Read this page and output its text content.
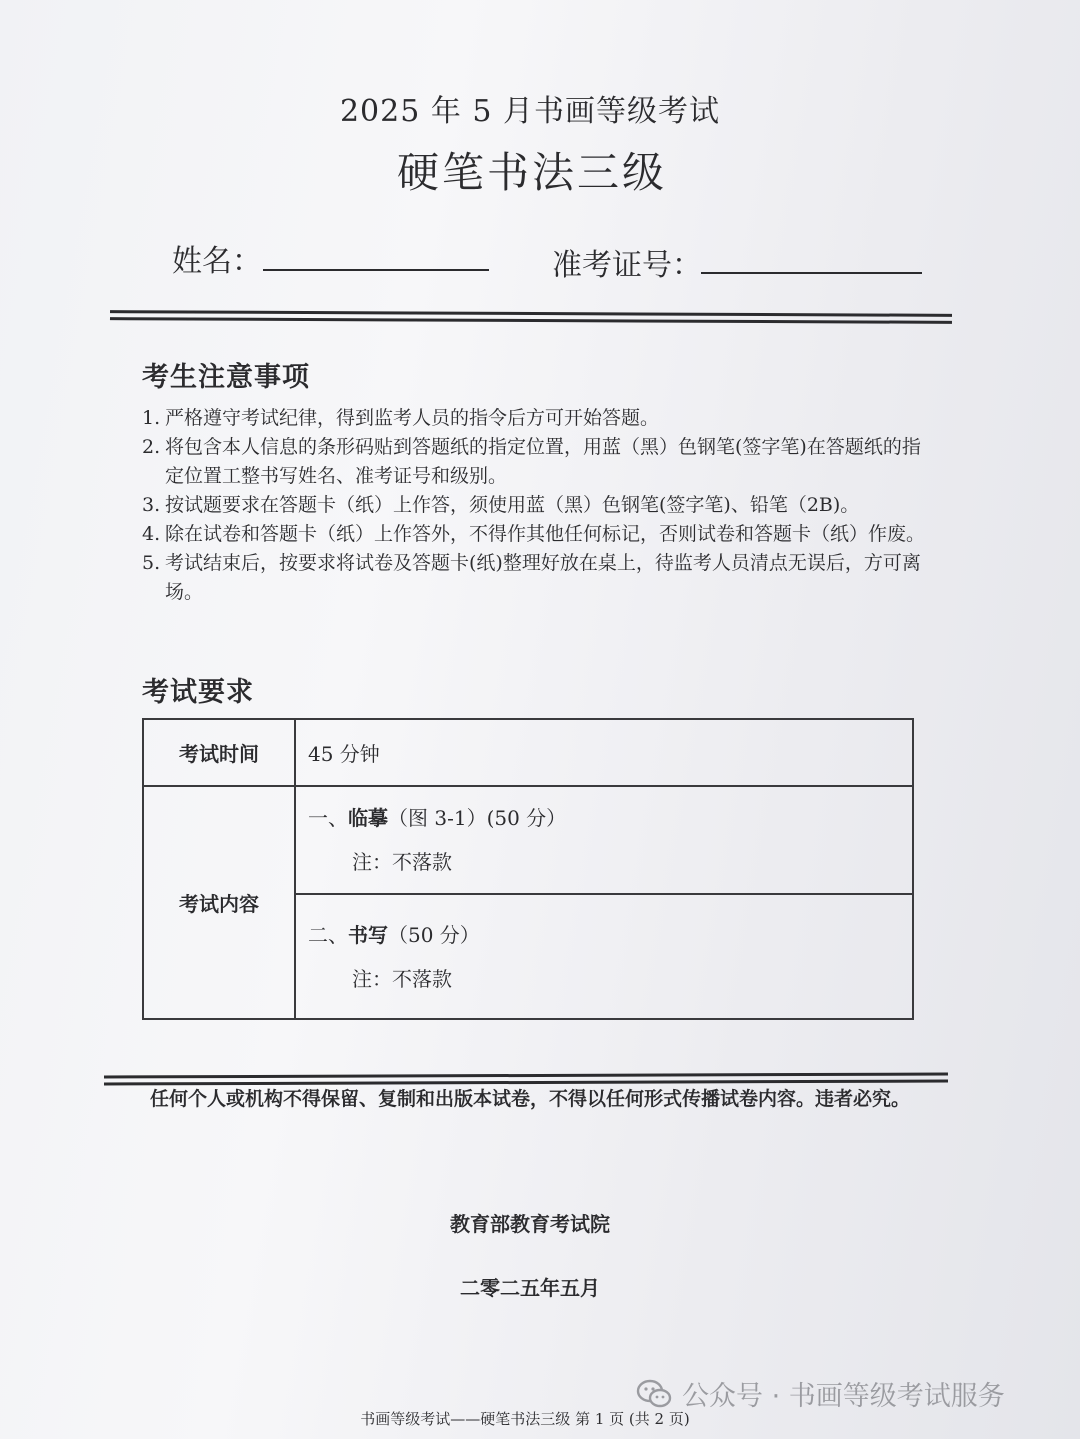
2025 年 5 月书画等级考试
硬笔书法三级
姓名：	准考证号：
考生注意事项
1. 严格遵守考试纪律，得到监考人员的指令后方可开始答题。
2. 将包含本人信息的条形码贴到答题纸的指定位置，用蓝（黑）色钢笔(签字笔)在答题纸的指定位置工整书写姓名、准考证号和级别。
3. 按试题要求在答题卡（纸）上作答，须使用蓝（黑）色钢笔(签字笔)、铅笔（2B)。
4. 除在试卷和答题卡（纸）上作答外，不得作其他任何标记，否则试卷和答题卡（纸）作废。
5. 考试结束后，按要求将试卷及答题卡(纸)整理好放在桌上，待监考人员清点无误后，方可离场。
考试要求
考试时间	45 分钟
考试内容	一、临摹（图 3-1）(50 分）
注：不落款

	二、书写（50 分）
注：不落款
任何个人或机构不得保留、复制和出版本试卷，不得以任何形式传播试卷内容。违者必究。
教育部教育考试院
二零二五年五月
公众号 · 书画等级考试服务
书画等级考试——硬笔书法三级 第 1 页 (共 2 页)
